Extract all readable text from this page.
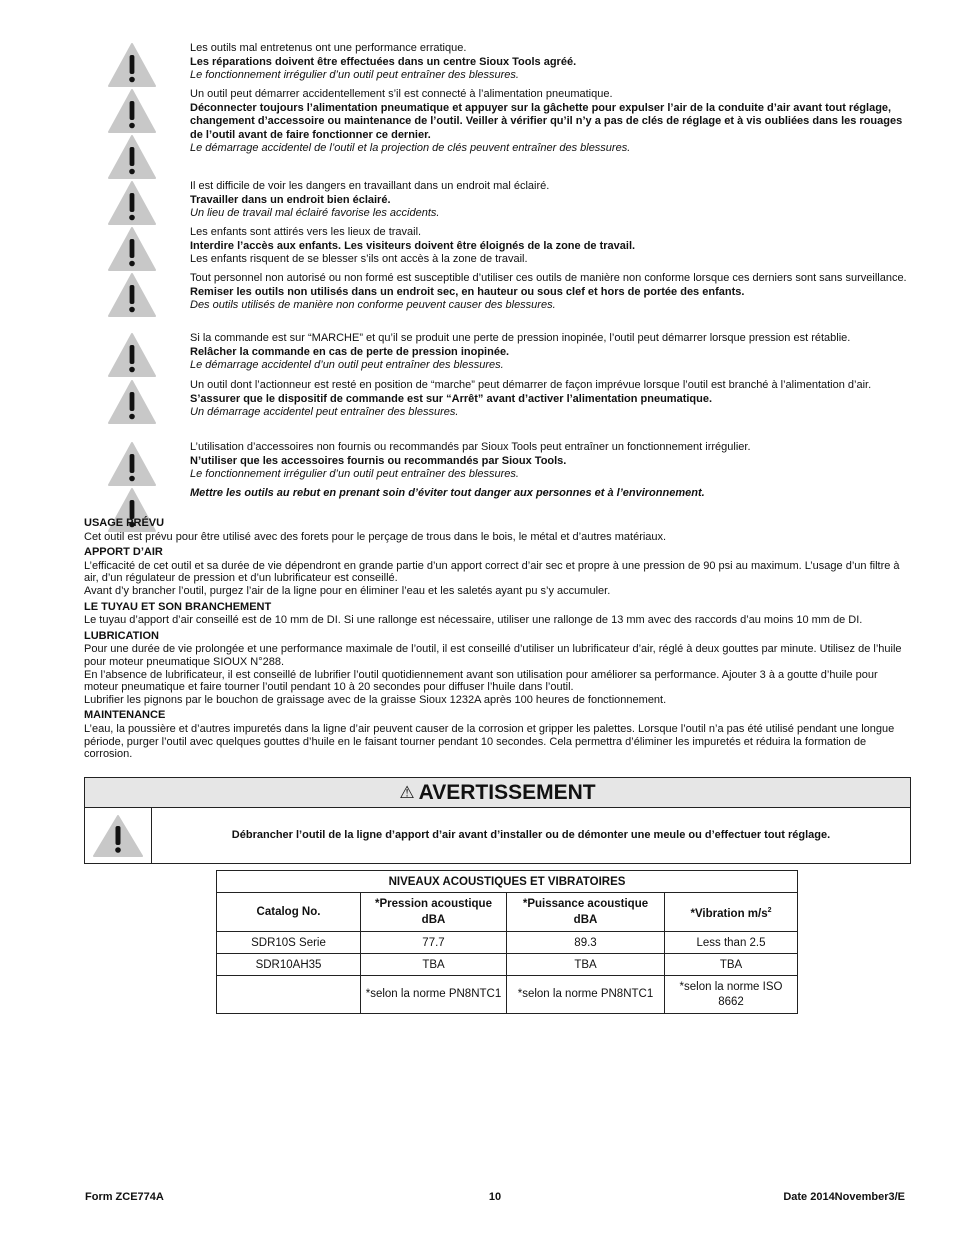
Les outils mal entretenus ont une performance erratique.

Les réparations doivent être effectuées dans un centre Sioux Tools agréé.

Le fonctionnement irrégulier d’un outil peut entraîner des blessures.

Un outil peut démarrer accidentellement s’il est connecté à l’alimentation pneumatique.

Déconnecter toujours l’alimentation pneumatique et appuyer sur la gâchette pour expulser l’air de la conduite d’air avant tout réglage, changement d’accessoire ou maintenance de l’outil. Veiller à vérifier qu’il n’y a pas de clés de réglage et à vis oubliées dans les rouages de l’outil avant de faire fonctionner ce dernier.

Le démarrage accidentel de l’outil et la projection de clés peuvent entraîner des blessures.

Il est difficile de voir les dangers en travaillant dans un endroit mal éclairé.

Travailler dans un endroit bien éclairé.

Un lieu de travail mal éclairé favorise les accidents.

Les enfants sont attirés vers les lieux de travail.

Interdire l’accès aux enfants. Les visiteurs doivent être éloignés de la zone de travail.

Les enfants risquent de se blesser s’ils ont accès à la zone de travail.

Tout personnel non autorisé ou non formé est susceptible d’utiliser ces outils de manière non conforme lorsque ces derniers sont sans surveillance.

Remiser les outils non utilisés dans un endroit sec, en hauteur ou sous clef et hors de portée des enfants.

Des outils utilisés de manière non conforme peuvent causer des blessures.

Si la commande est sur “MARCHE” et qu’il se produit une perte de pression inopinée, l’outil peut démarrer lorsque pression est rétablie.

Relâcher la commande en cas de perte de pression inopinée.

Le démarrage accidentel d’un outil peut entraîner des blessures.

Un outil dont l’actionneur est resté en position de “marche” peut démarrer de façon imprévue lorsque l’outil est branché à l’alimentation d’air.

S’assurer que le dispositif de commande est sur “Arrêt” avant d’activer l’alimentation pneumatique.

Un démarrage accidentel peut entraîner des blessures.

L’utilisation d’accessoires non fournis ou recommandés par Sioux Tools peut entraîner un fonctionnement irrégulier.

N’utiliser que les accessoires fournis ou recommandés par Sioux Tools.

Le fonctionnement irrégulier d’un outil peut entraîner des blessures.

Mettre les outils au rebut en prenant soin d’éviter tout danger aux personnes et à l’environnement.

USAGE PRÉVU

Cet outil est prévu pour être utilisé avec des forets pour le perçage de trous dans le bois, le métal et d’autres matériaux.

APPORT D’AIR

L’efficacité de cet outil et sa durée de vie dépendront en grande partie d’un apport correct d’air sec et propre à une pression de 90 psi au maximum. L’usage d’un filtre à air, d’un régulateur de pression et d’un lubrificateur est conseillé.

Avant d’y brancher l’outil, purgez l’air de la ligne pour en éliminer l’eau et les saletés ayant pu s’y accumuler.

LE TUYAU ET SON BRANCHEMENT

Le tuyau d’apport d’air conseillé est de 10 mm de DI. Si une rallonge est nécessaire, utiliser une rallonge de 13 mm avec des raccords d’au moins 10 mm de DI.

LUBRICATION

Pour une durée de vie prolongée et une performance maximale de l’outil, il est conseillé d’utiliser un lubrificateur d’air, réglé à deux gouttes par minute. Utilisez de l’huile pour moteur pneumatique SIOUX N°288.

En l’absence de lubrificateur, il est conseillé de lubrifier l’outil quotidiennement avant son utilisation pour améliorer sa performance. Ajouter 3 à a goutte d’huile pour moteur pneumatique et faire tourner l’outil pendant 10 à 20 secondes pour diffuser l’huile dans l’outil.

Lubrifier les pignons par le bouchon de graissage avec de la graisse Sioux 1232A après 100 heures de fonctionnement.

MAINTENANCE

L’eau, la poussière et d’autres impuretés dans la ligne d’air peuvent causer de la corrosion et gripper les palettes. Lorsque l’outil n’a pas été utilisé pendant une longue période, purger l’outil avec quelques gouttes d’huile en le faisant tourner pendant 10 secondes. Cela permettra d’éliminer les impuretés et réduira la formation de corrosion.

⚠ AVERTISSEMENT
Débrancher l’outil de la ligne d’apport d’air avant d’installer ou de démonter une meule ou d’effectuer tout réglage.
NIVEAUX ACOUSTIQUES ET VIBRATOIRES			
Catalog No.	*Pression acoustique dBA	*Puissance acoustique dBA	*Vibration $m/s^2$
SDR10S Serie	77.7	89.3	Less than 2.5
SDR10AH35	TBA	TBA	TBA
	*selon la norme PN8NTC1	*selon la norme PN8NTC1	*selon la norme ISO 8662
Form ZCE774A	10	Date 2014November3/E
